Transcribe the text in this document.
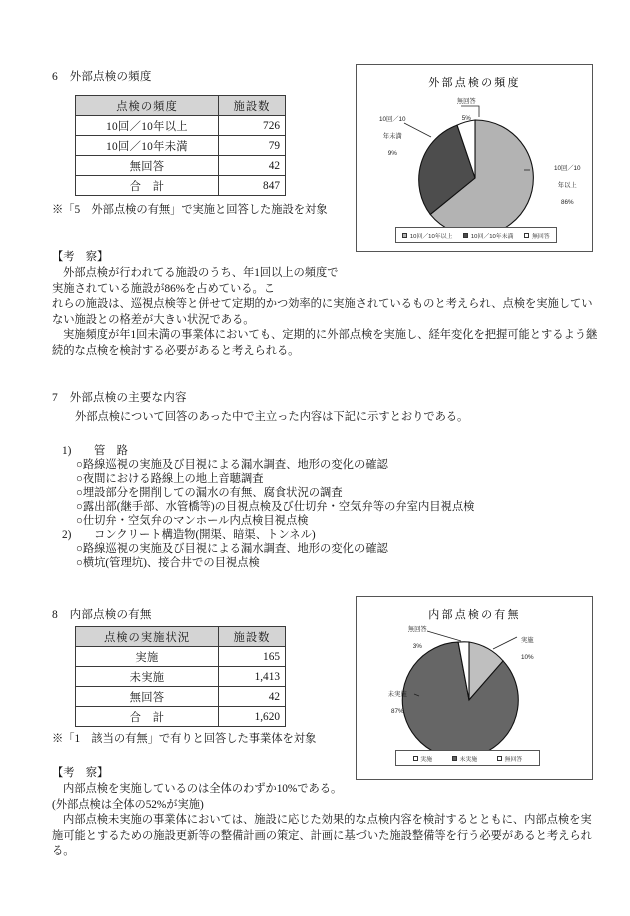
6　 外部点検の頻度
点検の頻度	施設数
10回／10年以上	726
10回／10年未満	79
無回答	42
合　計	847
※「5　外部点検の有無」で実施と回答した施設を対象
【考　察】
外部点検が行われてる施設のうち、年1回以上の頻度で実施されている施設が86%を占めている。こ
れらの施設は、巡視点検等と併せて定期的かつ効率的に実施されているものと考えられ、点検を実施していない施設との格差が大きい状況である。
実施頻度が年1回未満の事業体においても、定期的に外部点検を実施し、経年変化を把握可能とするよう継続的な点検を検討する必要があると考えられる。
外部点検の頻度

無回答

5%

10回／10

年未満

9%

10回／10

年以上

86%

10回／10年以上	10回／10年未満	無回答
7　 外部点検の主要な内容
外部点検について回答のあった中で主立った内容は下記に示すとおりである。
1)　　 管　路
○路線巡視の実施及び目視による漏水調査、地形の変化の確認
○夜間における路線上の地上音聴調査
○埋設部分を開削しての漏水の有無、腐食状況の調査
○露出部(継手部、水管橋等)の目視点検及び仕切弁・空気弁等の弁室内目視点検
○仕切弁・空気弁のマンホール内点検目視点検
2)　　 コンクリート構造物(開渠、暗渠、トンネル)
○路線巡視の実施及び目視による漏水調査、地形の変化の確認
○横坑(管理坑)、接合井での目視点検
8　 内部点検の有無
点検の実施状況	施設数
実施	165
未実施	1,413
無回答	42
合　計	1,620
※「1　該当の有無」で有りと回答した事業体を対象
【考　察】
内部点検を実施しているのは全体のわずか10%である。(外部点検は全体の52%が実施)
内部点検未実施の事業体においては、施設に応じた効果的な点検内容を検討するとともに、内部点検を実施可能とするための施設更新等の整備計画の策定、計画に基づいた施設整備等を行う必要があると考えられる。
内部点検の有無

無回答

3%

実施

10%

未実施

87%

実施	未実施	無回答
